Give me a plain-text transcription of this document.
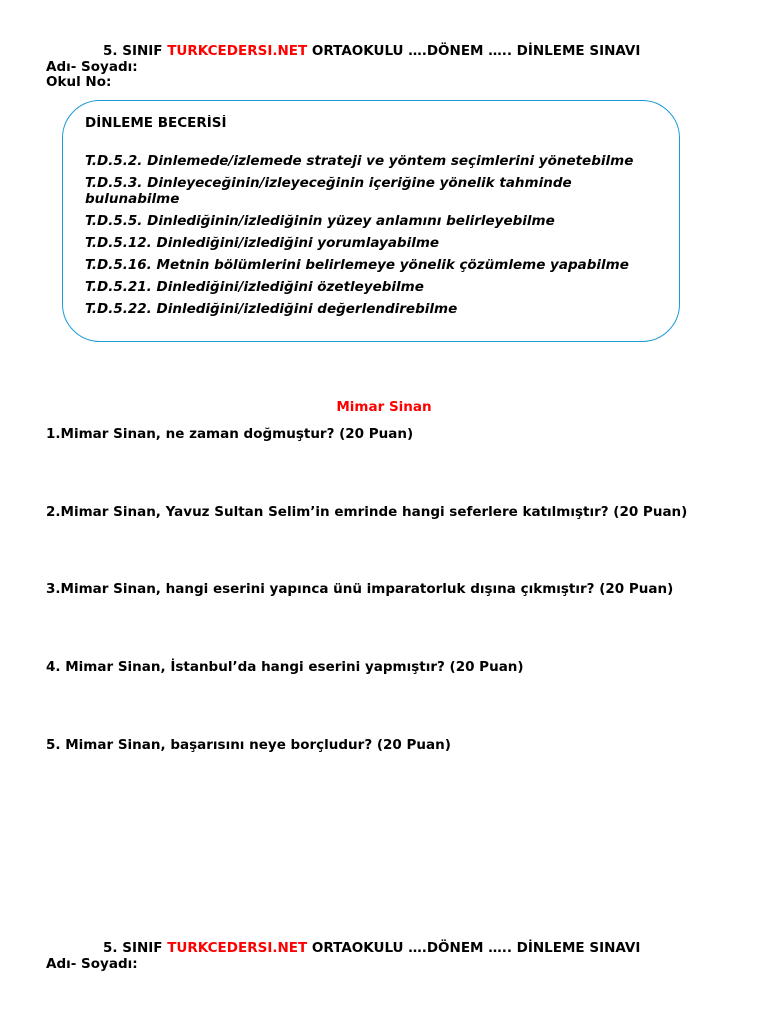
5. SINIF TURKCEDERSI.NET ORTAOKULU ….DÖNEM ….. DİNLEME SINAVI
Adı- Soyadı:
Okul No:
DİNLEME BECERİSİ
T.D.5.2. Dinlemede/izlemede strateji ve yöntem seçimlerini yönetebilme
T.D.5.3. Dinleyeceğinin/izleyeceğinin içeriğine yönelik tahminde bulunabilme
T.D.5.5. Dinlediğinin/izlediğinin yüzey anlamını belirleyebilme
T.D.5.12. Dinlediğini/izlediğini yorumlayabilme
T.D.5.16. Metnin bölümlerini belirlemeye yönelik çözümleme yapabilme
T.D.5.21. Dinlediğini/izlediğini özetleyebilme
T.D.5.22. Dinlediğini/izlediğini değerlendirebilme
Mimar Sinan
1.Mimar Sinan, ne zaman doğmuştur? (20 Puan)
2.Mimar Sinan, Yavuz Sultan Selim’in emrinde hangi seferlere katılmıştır? (20 Puan)
3.Mimar Sinan, hangi eserini yapınca ünü imparatorluk dışına çıkmıştır? (20 Puan)
4. Mimar Sinan, İstanbul’da hangi eserini yapmıştır? (20 Puan)
5. Mimar Sinan, başarısını neye borçludur? (20 Puan)
5. SINIF TURKCEDERSI.NET ORTAOKULU ….DÖNEM ….. DİNLEME SINAVI
Adı- Soyadı:
